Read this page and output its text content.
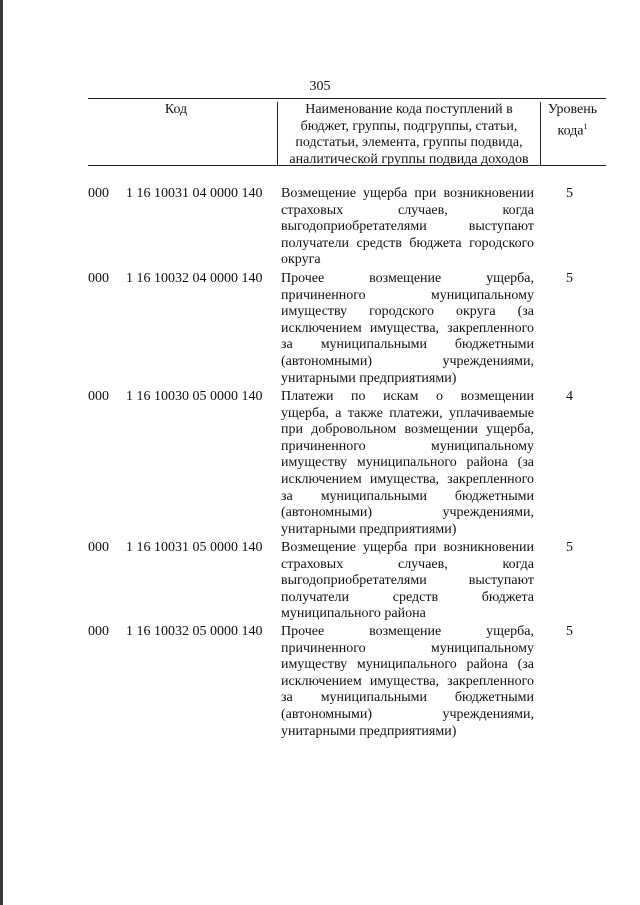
305
Код	Наименование кода поступлений в
бюджет, группы, подгруппы, статьи,
подстатьи, элемента, группы подвида,
аналитической группы подвида доходов
Уровень
кода$^1$
000 1 16 10031 04 0000 140 Возмещение ущерба при возникновении
страховых случаев, когда
выгодоприобретателями выступают
получатели средств бюджета городского
округа
5
000 1 16 10032 04 0000 140 Прочее возмещение ущерба,
причиненного муниципальному
имуществу городского округа (за
исключением имущества, закрепленного
за муниципальными бюджетными
(автономными) учреждениями,
унитарными предприятиями)
5
000 1 16 10030 05 0000 140 Платежи по искам о возмещении
ущерба, а также платежи, уплачиваемые
при добровольном возмещении ущерба,
причиненного муниципальному
имуществу муниципального района (за
исключением имущества, закрепленного
за муниципальными бюджетными
(автономными) учреждениями,
унитарными предприятиями)
4
000 1 16 10031 05 0000 140 Возмещение ущерба при возникновении
страховых случаев, когда
выгодоприобретателями выступают
получатели средств бюджета
муниципального района
5
000 1 16 10032 05 0000 140 Прочее возмещение ущерба,
причиненного муниципальному
имуществу муниципального района (за
исключением имущества, закрепленного
за муниципальными бюджетными
(автономными) учреждениями,
унитарными предприятиями)
5
